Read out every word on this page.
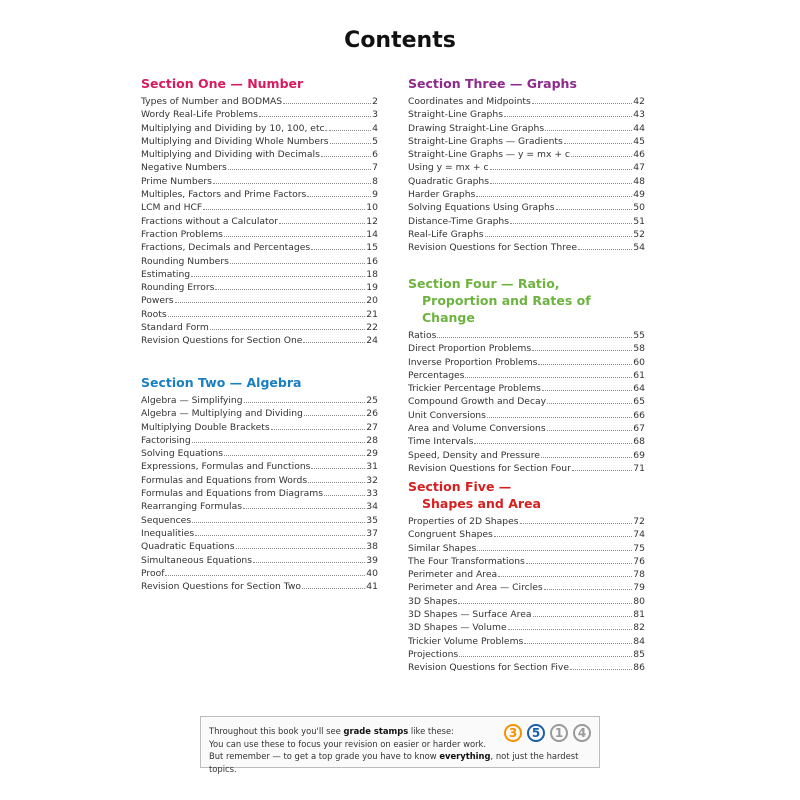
Contents
Section One — Number
Types of Number and BODMAS	2
Wordy Real-Life Problems	3
Multiplying and Dividing by 10, 100, etc.	4
Multiplying and Dividing Whole Numbers	5
Multiplying and Dividing with Decimals	6
Negative Numbers	7
Prime Numbers	8
Multiples, Factors and Prime Factors	9
LCM and HCF	10
Fractions without a Calculator	12
Fraction Problems	14
Fractions, Decimals and Percentages	15
Rounding Numbers	16
Estimating	18
Rounding Errors	19
Powers	20
Roots	21
Standard Form	22
Revision Questions for Section One	24
Section Two — Algebra
Algebra — Simplifying	25
Algebra — Multiplying and Dividing	26
Multiplying Double Brackets	27
Factorising	28
Solving Equations	29
Expressions, Formulas and Functions	31
Formulas and Equations from Words	32
Formulas and Equations from Diagrams	33
Rearranging Formulas	34
Sequences	35
Inequalities	37
Quadratic Equations	38
Simultaneous Equations	39
Proof	40
Revision Questions for Section Two	41
Section Three — Graphs
Coordinates and Midpoints	42
Straight-Line Graphs	43
Drawing Straight-Line Graphs	44
Straight-Line Graphs — Gradients	45
Straight-Line Graphs — y = mx + c	46
Using y = mx + c	47
Quadratic Graphs	48
Harder Graphs	49
Solving Equations Using Graphs	50
Distance-Time Graphs	51
Real-Life Graphs	52
Revision Questions for Section Three	54
Section Four — Ratio,
Proportion and Rates of Change
Ratios	55
Direct Proportion Problems	58
Inverse Proportion Problems	60
Percentages	61
Trickier Percentage Problems	64
Compound Growth and Decay	65
Unit Conversions	66
Area and Volume Conversions	67
Time Intervals	68
Speed, Density and Pressure	69
Revision Questions for Section Four	71
Section Five —
Shapes and Area
Properties of 2D Shapes	72
Congruent Shapes	74
Similar Shapes	75
The Four Transformations	76
Perimeter and Area	78
Perimeter and Area — Circles	79
3D Shapes	80
3D Shapes — Surface Area	81
3D Shapes — Volume	82
Trickier Volume Problems	84
Projections	85
Revision Questions for Section Five	86
Throughout this book you'll see grade stamps like these:
You can use these to focus your revision on easier or harder work.
But remember — to get a top grade you have to know everything, not just the hardest topics.
3	5	1	4
